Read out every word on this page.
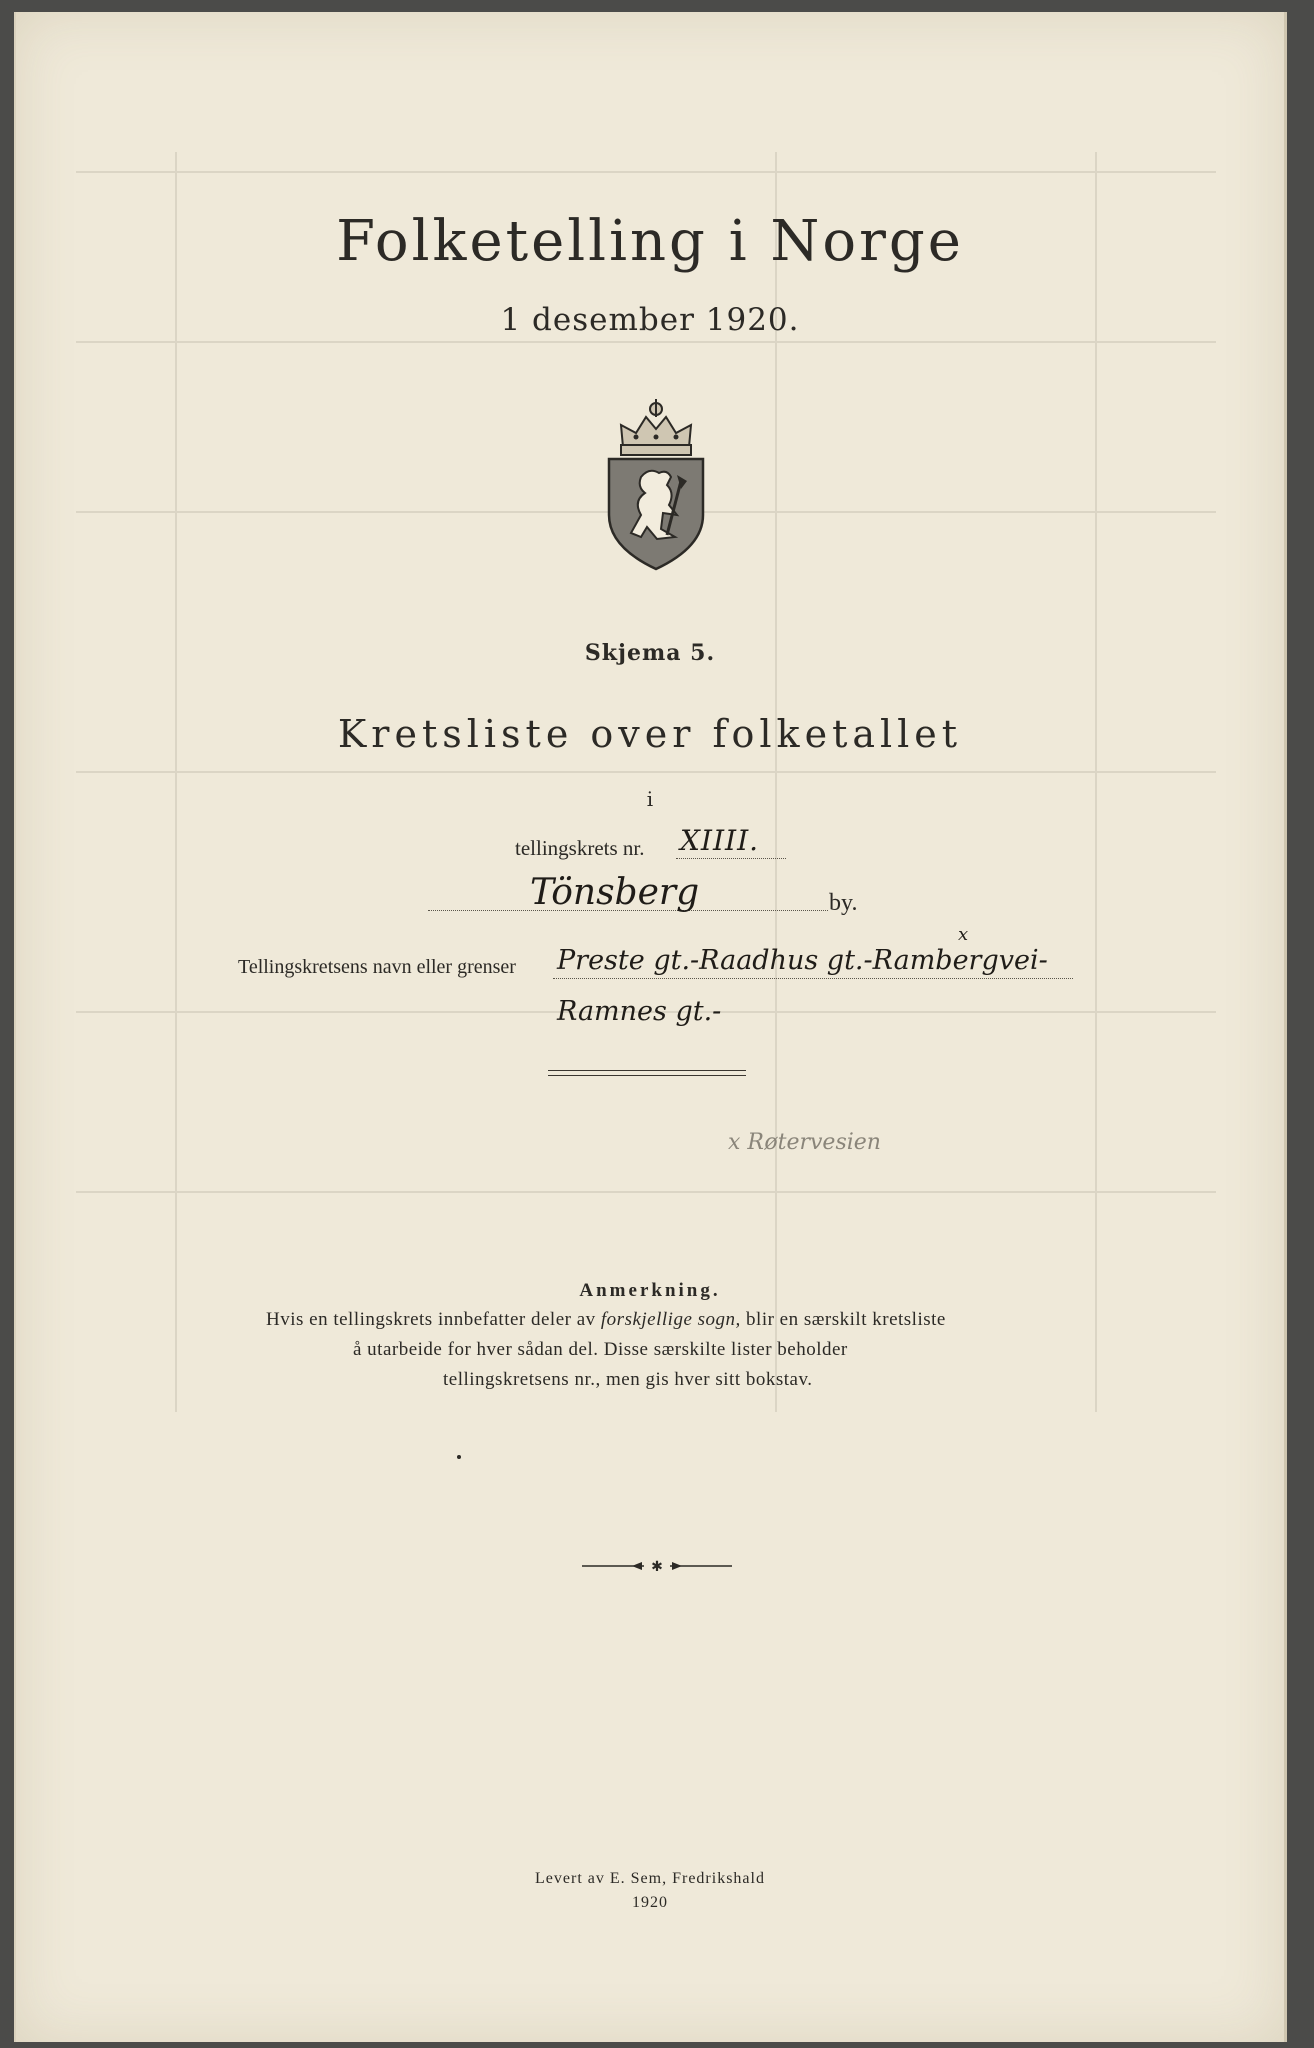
Folketelling i Norge
1 desember 1920.
Skjema 5.
Kretsliste over folketallet
i
tellingskrets nr. XIIII.
Tönsberg	by.
Tellingskretsens navn eller grenser Preste gt.-Raadhus gt.-Rambergvei-
x
Ramnes gt.-
x Røtervesien
Anmerkning.
Hvis en tellingskrets innbefatter deler av forskjellige sogn, blir en særskilt kretsliste
å utarbeide for hver sådan del. Disse særskilte lister beholder
tellingskretsens nr., men gis hver sitt bokstav.
✱
Levert av E. Sem, Fredrikshald
1920
